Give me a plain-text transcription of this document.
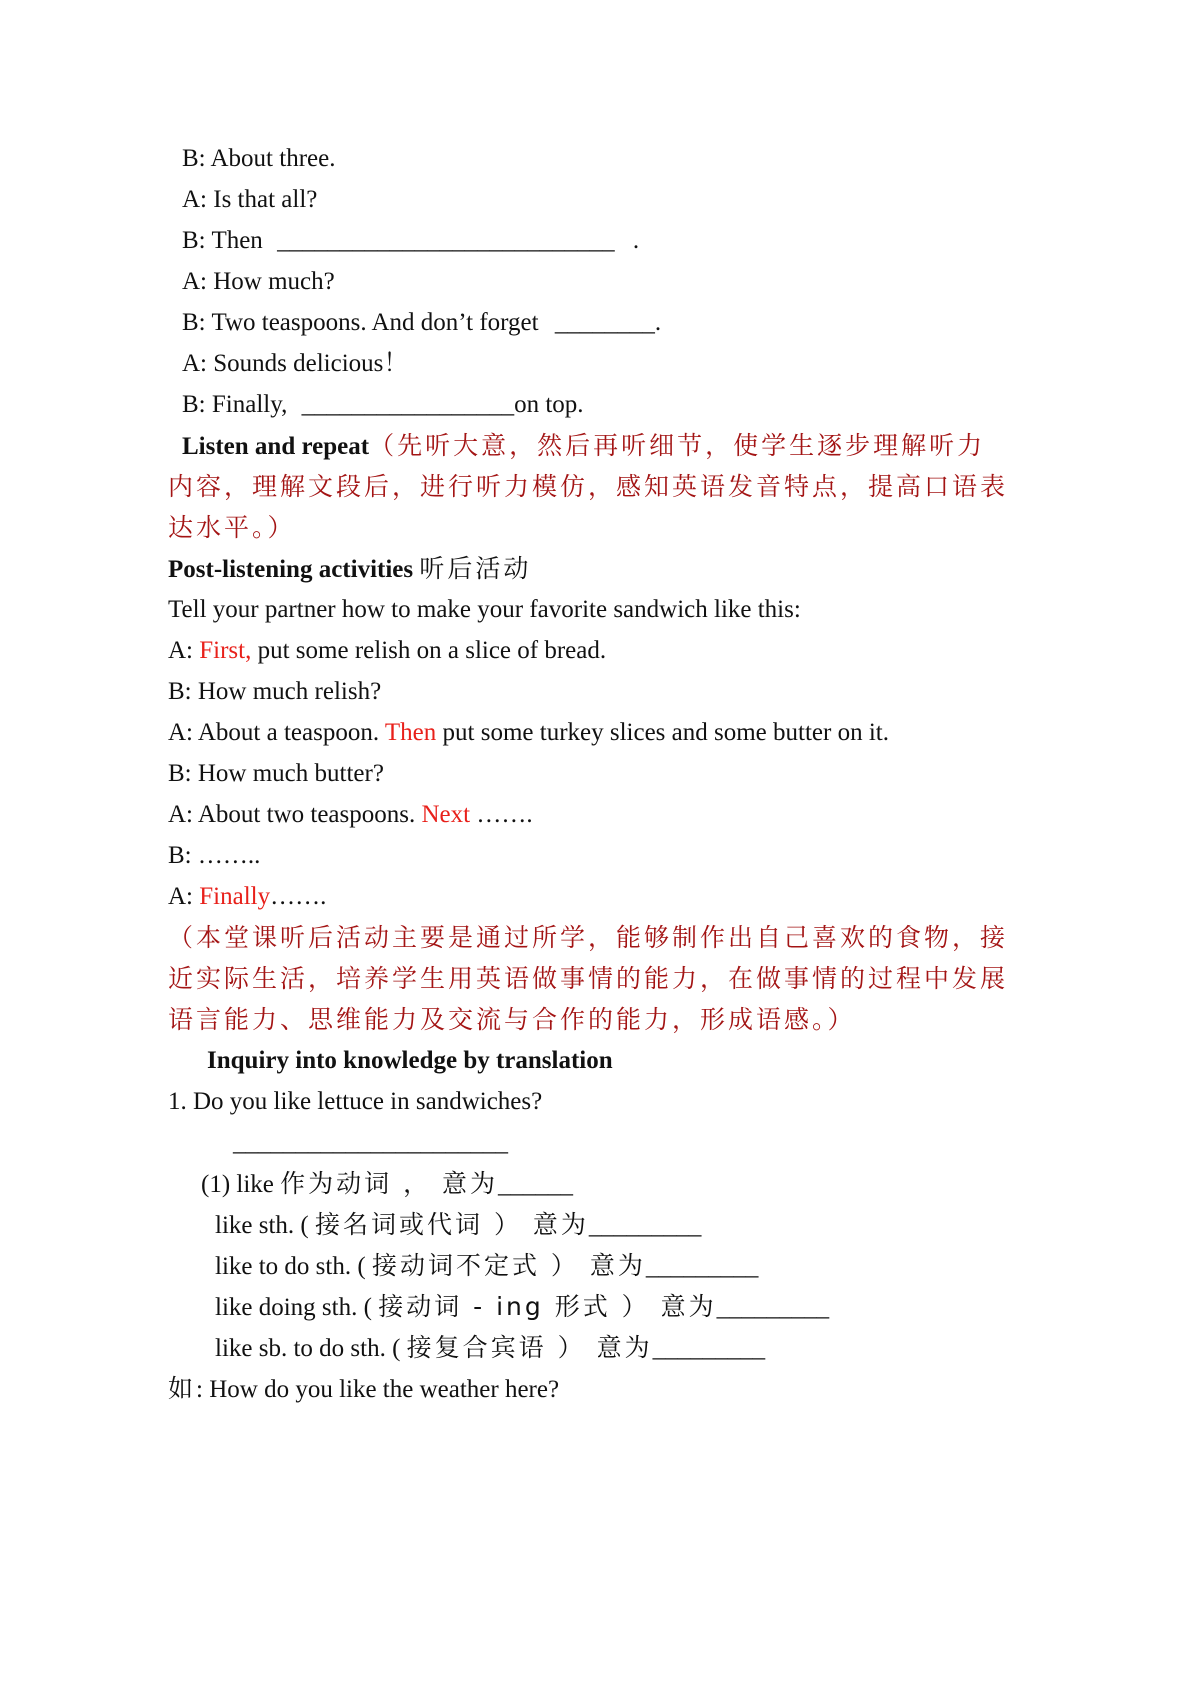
B: About three.
A: Is that all?
B: Then ___________________________ .
A: How much?
B: Two teaspoons. And don’t forget ________.
A: Sounds delicious！
B: Finally, _________________on top.
Listen and repeat（先听大意，然后再听细节，使学生逐步理解听力
内容，理解文段后，进行听力模仿，感知英语发音特点，提高口语表
达水平。）
Post-listening activities 听后活动
Tell your partner how to make your favorite sandwich like this:
A: First, put some relish on a slice of bread.
B: How much relish?
A: About a teaspoon. Then put some turkey slices and some butter on it.
B: How much butter?
A: About two teaspoons. Next …….
B: ……..
A: Finally…….
（本堂课听后活动主要是通过所学，能够制作出自己喜欢的食物，接
近实际生活，培养学生用英语做事情的能力，在做事情的过程中发展
语言能力、思维能力及交流与合作的能力，形成语感。）
Inquiry into knowledge by translation
1. Do you like lettuce in sandwiches?
______________________
(1) like 作为动词 ， 意为______
like sth. ( 接名词或代词 ） 意为_________
like to do sth. ( 接动词不定式 ） 意为_________
like doing sth. ( 接动词 - ing 形式 ） 意为_________
like sb. to do sth. ( 接复合宾语 ） 意为_________
如: How do you like the weather here?
